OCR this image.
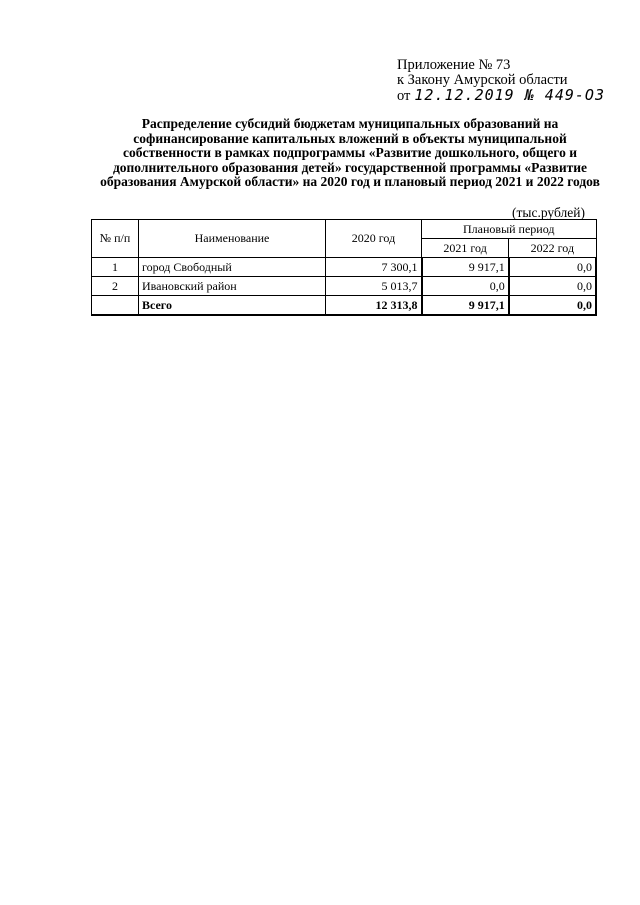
Приложение № 73
к Закону Амурской области
от 12.12.2019 № 449-ОЗ
Распределение субсидий бюджетам муниципальных образований на софинансирование капитальных вложений в объекты муниципальной собственности в рамках подпрограммы «Развитие дошкольного, общего и дополнительного образования детей» государственной программы «Развитие образования Амурской области» на 2020 год и плановый период 2021 и 2022 годов
(тыс.рублей)
№ п/п	Наименование	2020 год	Плановый период	
			2021 год	2022 год
1	город Свободный	7 300,1	9 917,1	0,0
2	Ивановский район	5 013,7	0,0	0,0
	Всего	12 313,8	9 917,1	0,0
